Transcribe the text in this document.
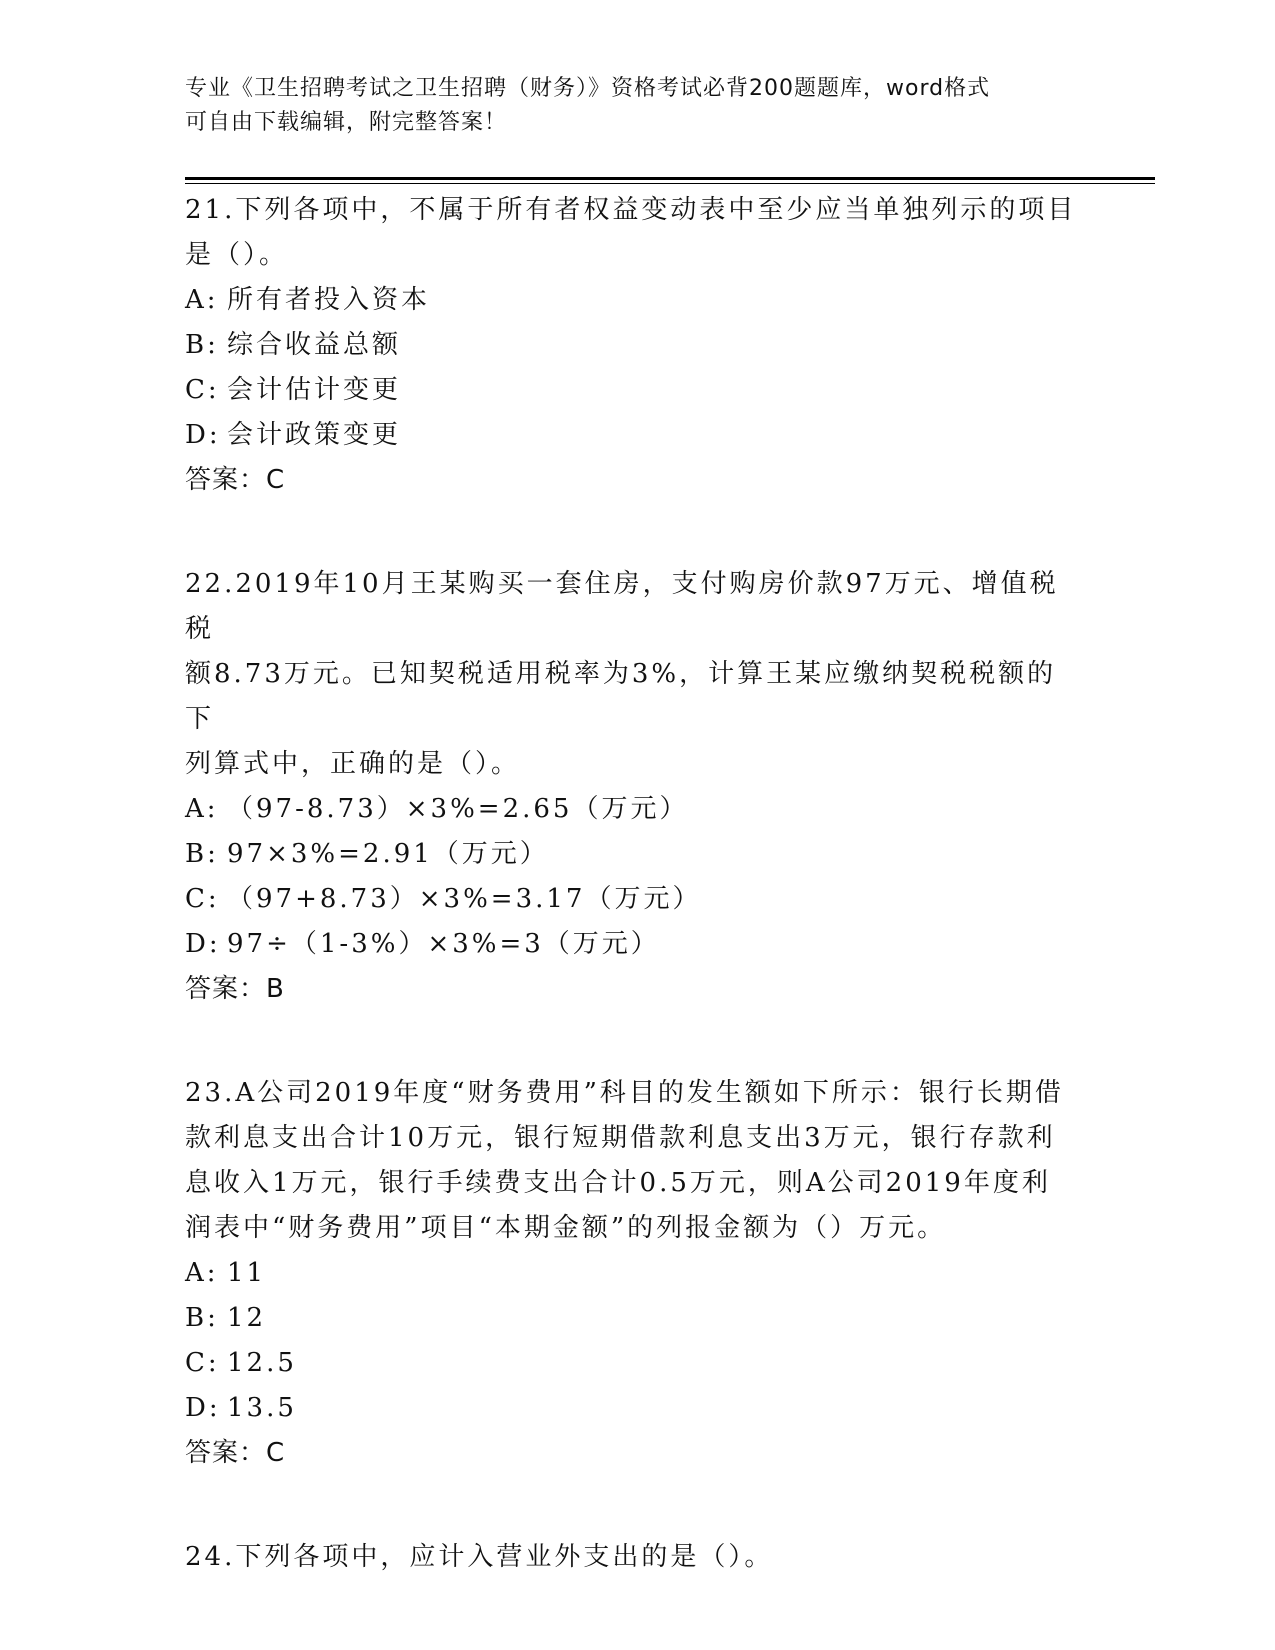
专业《卫生招聘考试之卫生招聘（财务）》资格考试必背200题题库，word格式
可自由下载编辑，附完整答案！
21.下列各项中，不属于所有者权益变动表中至少应当单独列示的项目
是（）。
A: 所有者投入资本
B: 综合收益总额
C: 会计估计变更
D: 会计政策变更
答案：C
22.2019年10月王某购买一套住房，支付购房价款97万元、增值税税
额8.73万元。已知契税适用税率为3%，计算王某应缴纳契税税额的下
列算式中，正确的是（）。
A: （97-8.73）×3%=2.65（万元）
B: 97×3%=2.91（万元）
C: （97+8.73）×3%=3.17（万元）
D: 97÷（1-3%）×3%=3（万元）
答案：B
23.A公司2019年度“财务费用”科目的发生额如下所示：银行长期借
款利息支出合计10万元，银行短期借款利息支出3万元，银行存款利
息收入1万元，银行手续费支出合计0.5万元，则A公司2019年度利
润表中“财务费用”项目“本期金额”的列报金额为（）万元。
A: 11
B: 12
C: 12.5
D: 13.5
答案：C
24.下列各项中，应计入营业外支出的是（）。
